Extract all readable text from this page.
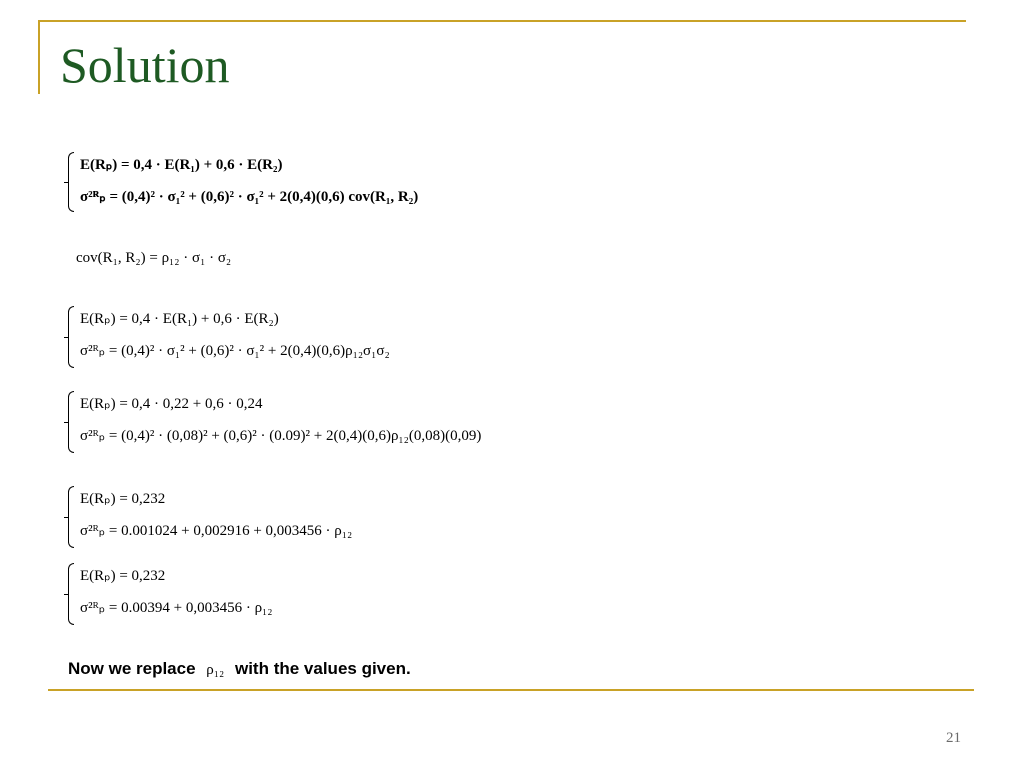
Solution
E(Rₚ) = 0,4 · E(R₁) + 0,6 · E(R₂)
σ²ᴿₚ = (0,4)² · σ₁² + (0,6)² · σ₁² + 2(0,4)(0,6) cov(R₁, R₂)
cov(R₁, R₂) = ρ₁₂ · σ₁ · σ₂
E(Rₚ) = 0,4 · E(R₁) + 0,6 · E(R₂)
σ²ᴿₚ = (0,4)² · σ₁² + (0,6)² · σ₁² + 2(0,4)(0,6)ρ₁₂σ₁σ₂
E(Rₚ) = 0,4 · 0,22 + 0,6 · 0,24
σ²ᴿₚ = (0,4)² · (0,08)² + (0,6)² · (0.09)² + 2(0,4)(0,6)ρ₁₂(0,08)(0,09)
E(Rₚ) = 0,232
σ²ᴿₚ = 0.001024 + 0,002916 + 0,003456 · ρ₁₂
E(Rₚ) = 0,232
σ²ᴿₚ = 0.00394 + 0,003456 · ρ₁₂
Now we replace ρ₁₂ with the values given.
21
